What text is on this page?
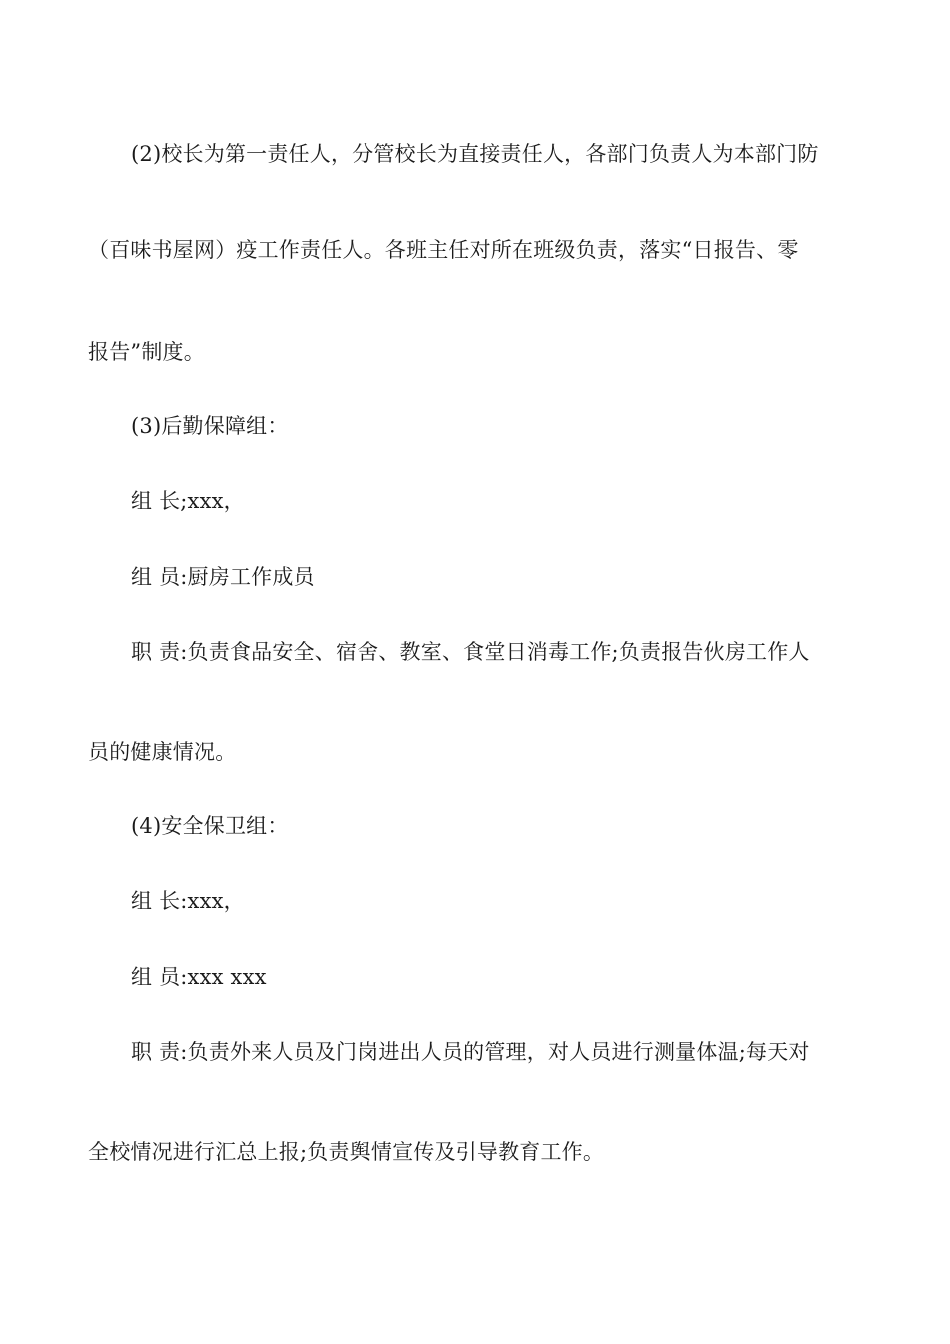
(2)校长为第一责任人，分管校长为直接责任人，各部门负责人为本部门防
（百味书屋网）疫工作责任人。各班主任对所在班级负责，落实“日报告、零
报告”制度。
(3)后勤保障组：
组 长;xxx，
组 员:厨房工作成员
职 责:负责食品安全、宿舍、教室、食堂日消毒工作;负责报告伙房工作人
员的健康情况。
(4)安全保卫组：
组 长:xxx，
组 员:xxx xxx
职 责:负责外来人员及门岗进出人员的管理，对人员进行测量体温;每天对
全校情况进行汇总上报;负责舆情宣传及引导教育工作。
